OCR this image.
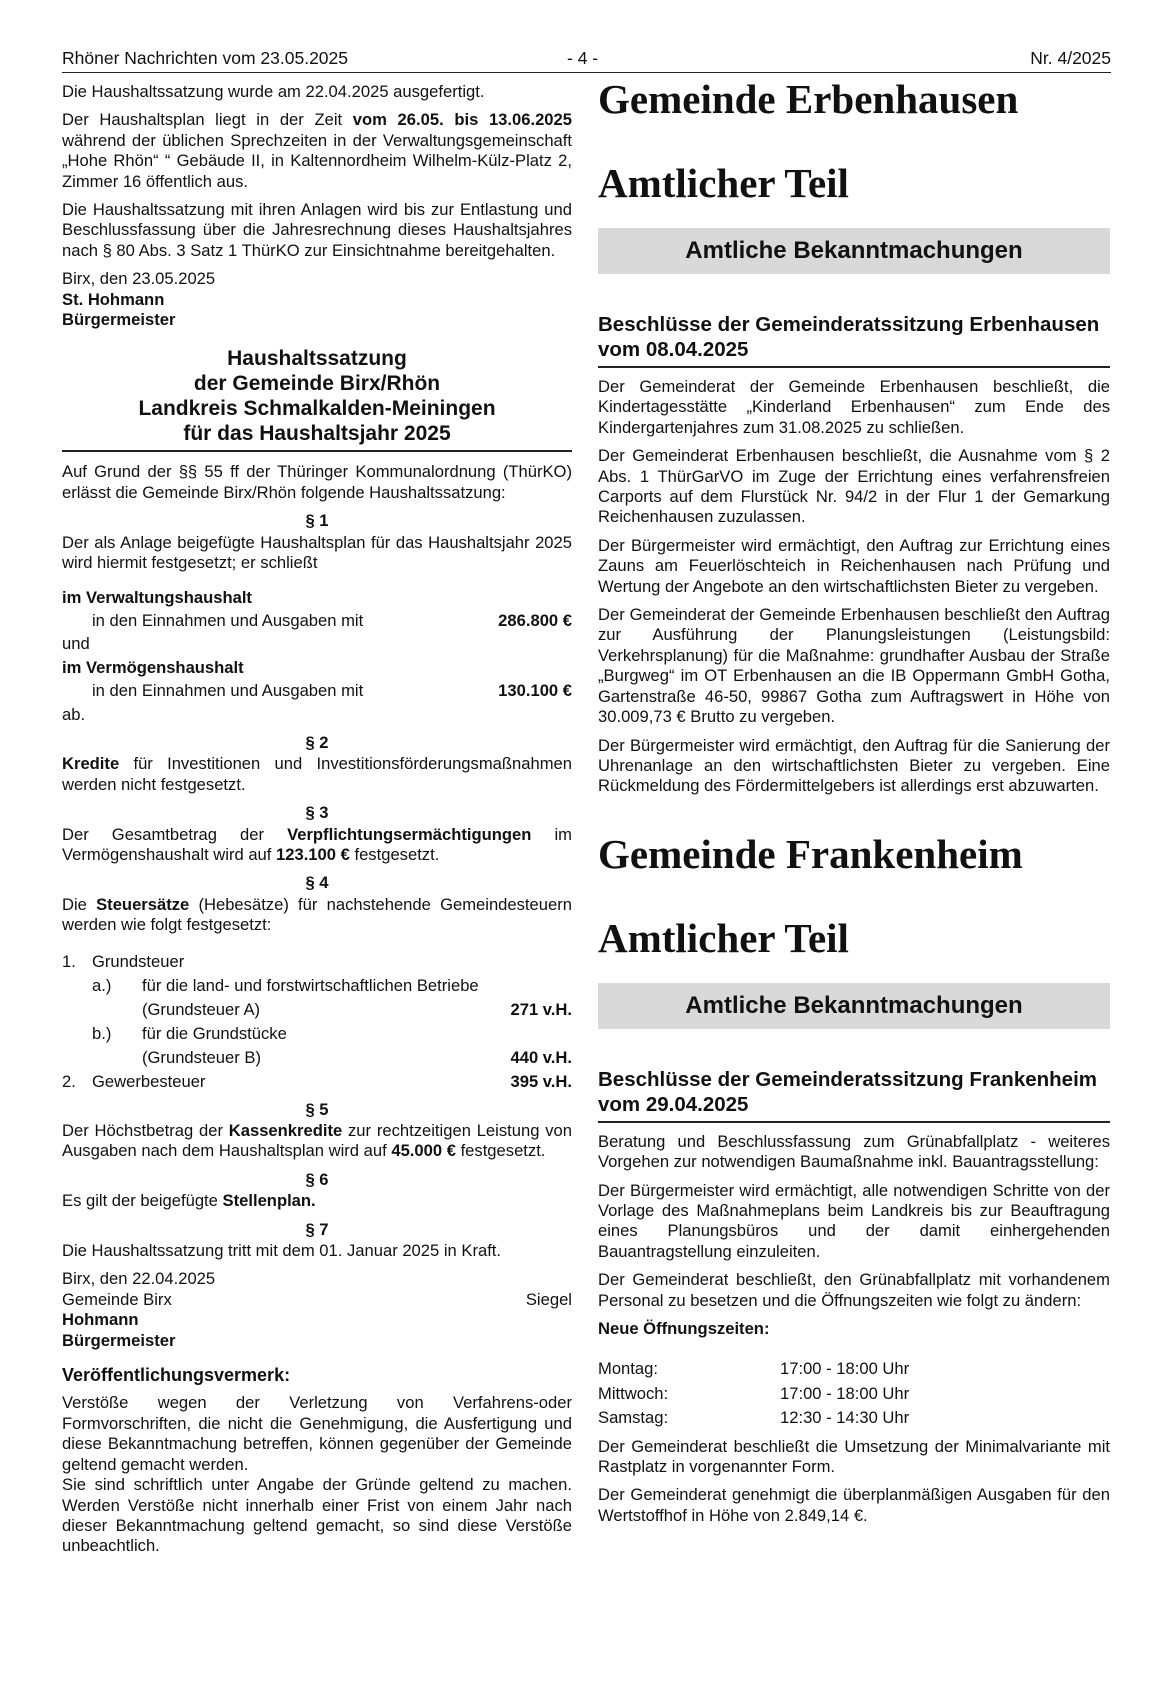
Rhöner Nachrichten vom 23.05.2025	- 4 -	Nr. 4/2025

Die Haushaltssatzung wurde am 22.04.2025 ausgefertigt.

Der Haushaltsplan liegt in der Zeit vom 26.05. bis 13.06.2025 während der üblichen Sprechzeiten in der Verwaltungsgemeinschaft „Hohe Rhön“ “ Gebäude II, in Kaltennordheim Wilhelm-Külz-Platz 2, Zimmer 16 öffentlich aus.

Die Haushaltssatzung mit ihren Anlagen wird bis zur Entlastung und Beschlussfassung über die Jahresrechnung dieses Haushaltsjahres nach § 80 Abs. 3 Satz 1 ThürKO zur Einsichtnahme bereitgehalten.

Birx, den 23.05.2025
St. Hohmann
Bürgermeister
Haushaltssatzung
der Gemeinde Birx/Rhön
Landkreis Schmalkalden-Meiningen
für das Haushaltsjahr 2025

Auf Grund der §§ 55 ff der Thüringer Kommunalordnung (ThürKO) erlässt die Gemeinde Birx/Rhön folgende Haushaltssatzung:

§ 1

Der als Anlage beigefügte Haushaltsplan für das Haushaltsjahr 2025 wird hiermit festgesetzt; er schließt

im Verwaltungshaushalt
in den Einnahmen und Ausgaben mit	286.800 €
und
im Vermögenshaushalt
in den Einnahmen und Ausgaben mit	130.100 €
ab.
§ 2

Kredite für Investitionen und Investitionsförderungsmaßnahmen werden nicht festgesetzt.

§ 3

Der Gesamtbetrag der Verpflichtungsermächtigungen im Vermögenshaushalt wird auf 123.100 € festgesetzt.

§ 4

Die Steuersätze (Hebesätze) für nachstehende Gemeindesteuern werden wie folgt festgesetzt:

1. Grundsteuer
a.) für die land- und forstwirtschaftlichen Betriebe
(Grundsteuer A)	271 v.H.
b.) für die Grundstücke
(Grundsteuer B)	440 v.H.
2. Gewerbesteuer	395 v.H.
§ 5

Der Höchstbetrag der Kassenkredite zur rechtzeitigen Leistung von Ausgaben nach dem Haushaltsplan wird auf 45.000 € festgesetzt.

§ 6

Es gilt der beigefügte Stellenplan.

§ 7

Die Haushaltssatzung tritt mit dem 01. Januar 2025 in Kraft.

Birx, den 22.04.2025
Gemeinde Birx	Siegel
Hohmann
Bürgermeister
Veröffentlichungsvermerk:
Verstöße wegen der Verletzung von Verfahrens-oder Formvorschriften, die nicht die Genehmigung, die Ausfertigung und diese Bekanntmachung betreffen, können gegenüber der Gemeinde geltend gemacht werden.
Sie sind schriftlich unter Angabe der Gründe geltend zu machen. Werden Verstöße nicht innerhalb einer Frist von einem Jahr nach dieser Bekanntmachung geltend gemacht, so sind diese Verstöße unbeachtlich.
Gemeinde Erbenhausen
Amtlicher Teil
Amtliche Bekanntmachungen
Beschlüsse der Gemeinderatssitzung Erbenhausen vom 08.04.2025

Der Gemeinderat der Gemeinde Erbenhausen beschließt, die Kindertagesstätte „Kinderland Erbenhausen“ zum Ende des Kindergartenjahres zum 31.08.2025 zu schließen.

Der Gemeinderat Erbenhausen beschließt, die Ausnahme vom § 2 Abs. 1 ThürGarVO im Zuge der Errichtung eines verfahrensfreien Carports auf dem Flurstück Nr. 94/2 in der Flur 1 der Gemarkung Reichenhausen zuzulassen.

Der Bürgermeister wird ermächtigt, den Auftrag zur Errichtung eines Zauns am Feuerlöschteich in Reichenhausen nach Prüfung und Wertung der Angebote an den wirtschaftlichsten Bieter zu vergeben.

Der Gemeinderat der Gemeinde Erbenhausen beschließt den Auftrag zur Ausführung der Planungsleistungen (Leistungsbild: Verkehrsplanung) für die Maßnahme: grundhafter Ausbau der Straße „Burgweg“ im OT Erbenhausen an die IB Oppermann GmbH Gotha, Gartenstraße 46-50, 99867 Gotha zum Auftragswert in Höhe von 30.009,73 € Brutto zu vergeben.

Der Bürgermeister wird ermächtigt, den Auftrag für die Sanierung der Uhrenanlage an den wirtschaftlichsten Bieter zu vergeben. Eine Rückmeldung des Fördermittelgebers ist allerdings erst abzuwarten.

Gemeinde Frankenheim
Amtlicher Teil
Amtliche Bekanntmachungen
Beschlüsse der Gemeinderatssitzung Frankenheim vom 29.04.2025

Beratung und Beschlussfassung zum Grünabfallplatz - weiteres Vorgehen zur notwendigen Baumaßnahme inkl. Bauantragsstellung:

Der Bürgermeister wird ermächtigt, alle notwendigen Schritte von der Vorlage des Maßnahmeplans beim Landkreis bis zur Beauftragung eines Planungsbüros und der damit einhergehenden Bauantragstellung einzuleiten.

Der Gemeinderat beschließt, den Grünabfallplatz mit vorhandenem Personal zu besetzen und die Öffnungszeiten wie folgt zu ändern:

Neue Öffnungszeiten:
Montag:	17:00 - 18:00 Uhr
Mittwoch:	17:00 - 18:00 Uhr
Samstag:	12:30 - 14:30 Uhr

Der Gemeinderat beschließt die Umsetzung der Minimalvariante mit Rastplatz in vorgenannter Form.

Der Gemeinderat genehmigt die überplanmäßigen Ausgaben für den Wertstoffhof in Höhe von 2.849,14 €.
